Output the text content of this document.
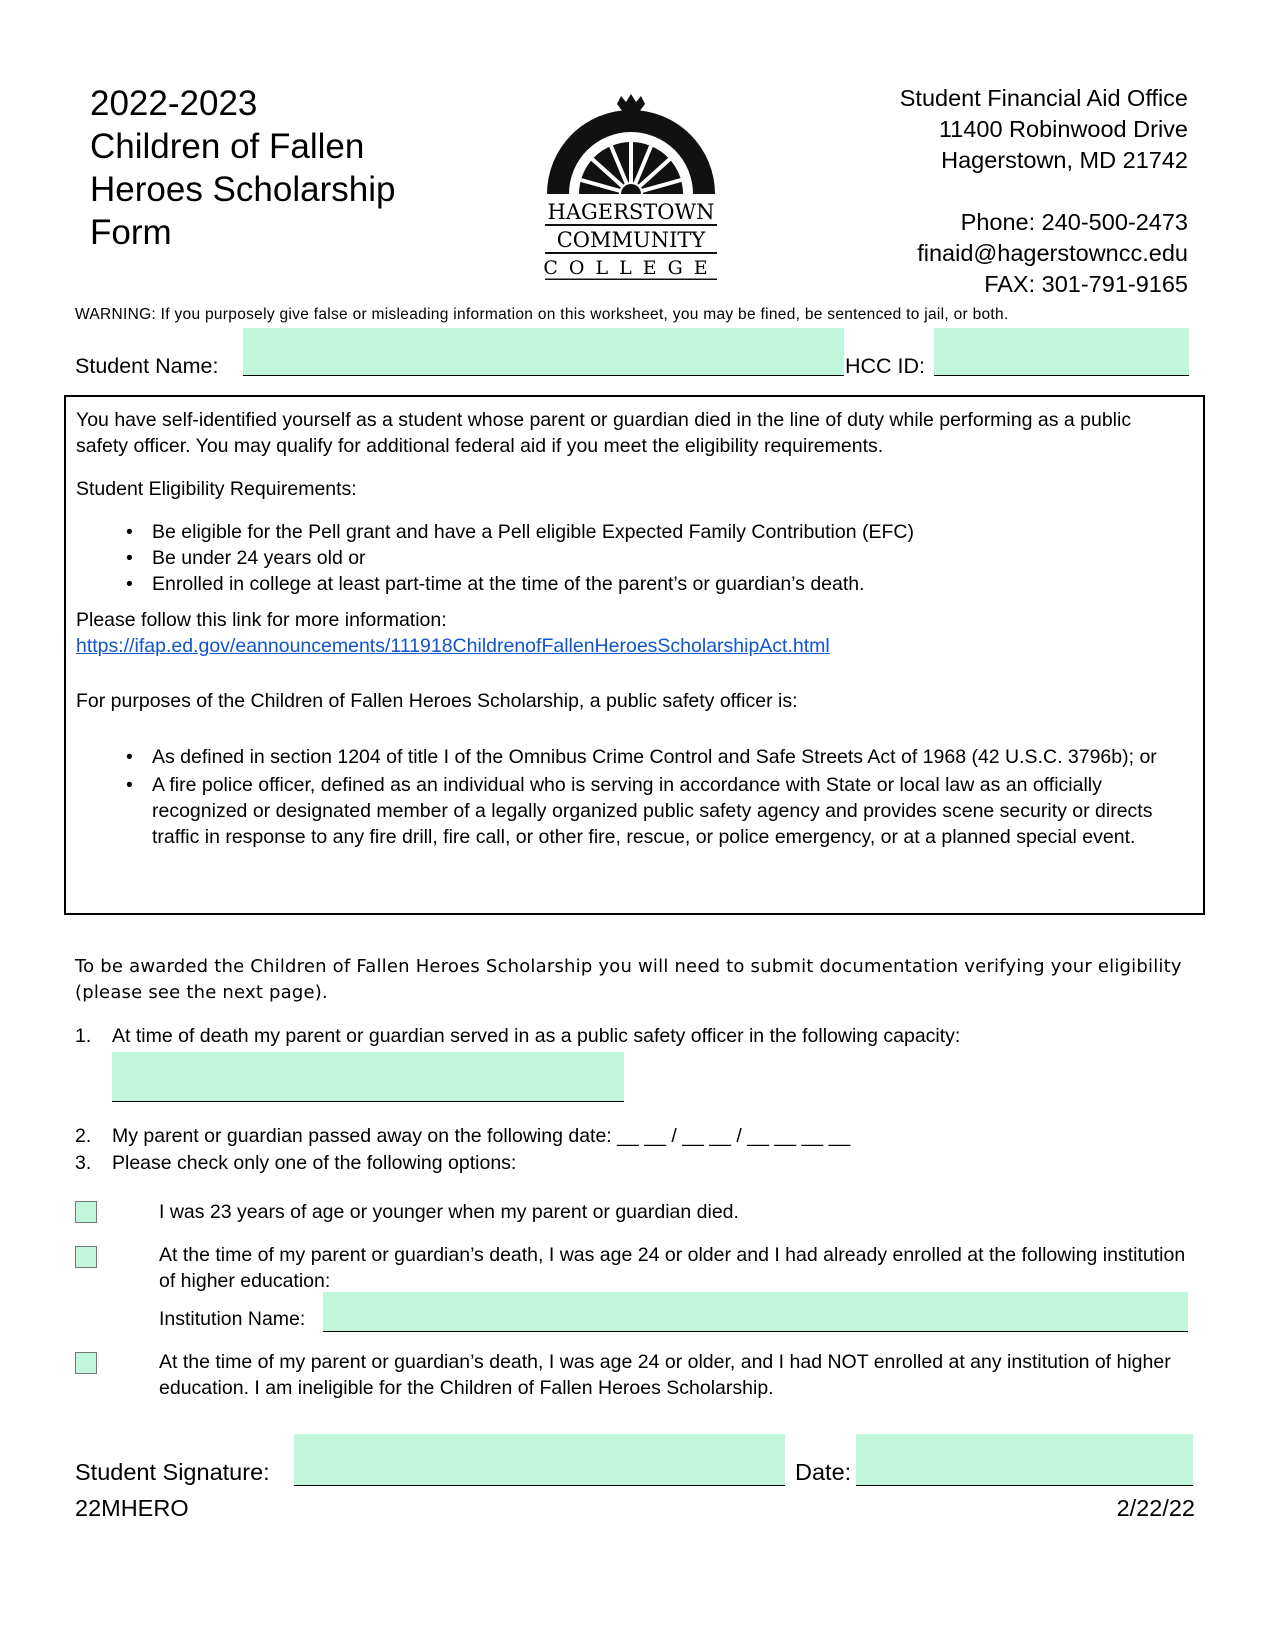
2022-2023
Children of Fallen
Heroes Scholarship
Form
HAGERSTOWN
COMMUNITY
COLLEGE
Student Financial Aid Office
11400 Robinwood Drive
Hagerstown, MD 21742
Phone: 240-500-2473
finaid@hagerstowncc.edu
FAX: 301-791-9165
WARNING: If you purposely give false or misleading information on this worksheet, you may be fined, be sentenced to jail, or both.
Student Name:	HCC ID:
You have self-identified yourself as a student whose parent or guardian died in the line of duty while performing as a public safety officer. You may qualify for additional federal aid if you meet the eligibility requirements.
Student Eligibility Requirements:
• Be eligible for the Pell grant and have a Pell eligible Expected Family Contribution (EFC)
• Be under 24 years old or
• Enrolled in college at least part-time at the time of the parent’s or guardian’s death.
Please follow this link for more information:
https://ifap.ed.gov/eannouncements/111918ChildrenofFallenHeroesScholarshipAct.html
For purposes of the Children of Fallen Heroes Scholarship, a public safety officer is:
• As defined in section 1204 of title I of the Omnibus Crime Control and Safe Streets Act of 1968 (42 U.S.C. 3796b); or
• A fire police officer, defined as an individual who is serving in accordance with State or local law as an officially recognized or designated member of a legally organized public safety agency and provides scene security or directs traffic in response to any fire drill, fire call, or other fire, rescue, or police emergency, or at a planned special event.
To be awarded the Children of Fallen Heroes Scholarship you will need to submit documentation verifying your eligibility (please see the next page).
1. At time of death my parent or guardian served in as a public safety officer in the following capacity:
2. My parent or guardian passed away on the following date: __ __ / __ __ / __ __ __ __
3. Please check only one of the following options:
I was 23 years of age or younger when my parent or guardian died.
At the time of my parent or guardian’s death, I was age 24 or older and I had already enrolled at the following institution of higher education:
Institution Name:
At the time of my parent or guardian’s death, I was age 24 or older, and I had NOT enrolled at any institution of higher education. I am ineligible for the Children of Fallen Heroes Scholarship.
Student Signature:	Date:
22MHERO	2/22/22
